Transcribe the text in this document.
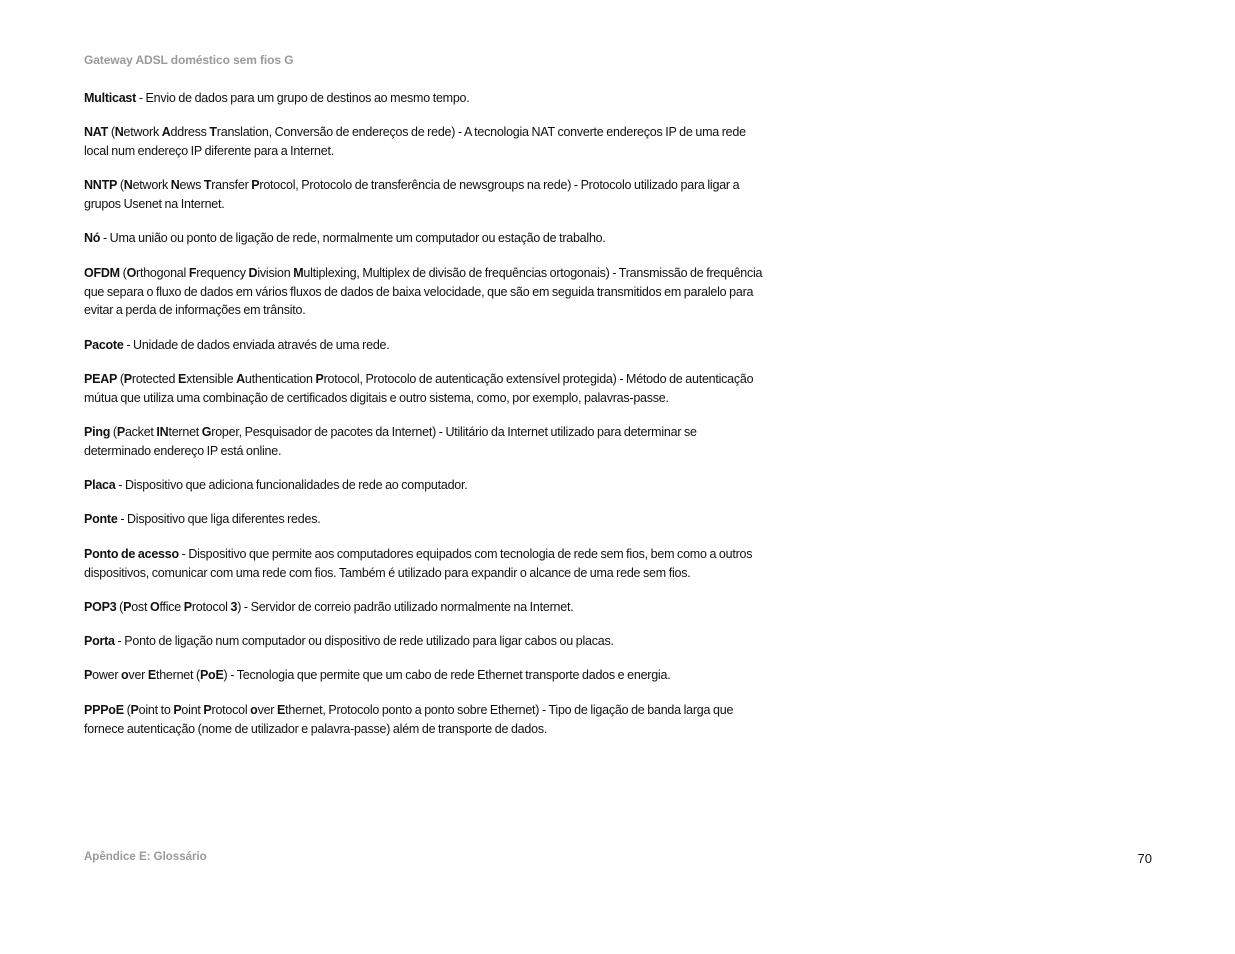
Gateway ADSL doméstico sem fios G

Multicast - Envio de dados para um grupo de destinos ao mesmo tempo.

NAT (Network Address Translation, Conversão de endereços de rede) - A tecnologia NAT converte endereços IP de uma rede local num endereço IP diferente para a Internet.

NNTP (Network News Transfer Protocol, Protocolo de transferência de newsgroups na rede) - Protocolo utilizado para ligar a grupos Usenet na Internet.

Nó - Uma união ou ponto de ligação de rede, normalmente um computador ou estação de trabalho.

OFDM (Orthogonal Frequency Division Multiplexing, Multiplex de divisão de frequências ortogonais) - Transmissão de frequência que separa o fluxo de dados em vários fluxos de dados de baixa velocidade, que são em seguida transmitidos em paralelo para evitar a perda de informações em trânsito.

Pacote - Unidade de dados enviada através de uma rede.

PEAP (Protected Extensible Authentication Protocol, Protocolo de autenticação extensível protegida) - Método de autenticação mútua que utiliza uma combinação de certificados digitais e outro sistema, como, por exemplo, palavras-passe.

Ping (Packet INternet Groper, Pesquisador de pacotes da Internet) - Utilitário da Internet utilizado para determinar se determinado endereço IP está online.

Placa - Dispositivo que adiciona funcionalidades de rede ao computador.

Ponte - Dispositivo que liga diferentes redes.

Ponto de acesso - Dispositivo que permite aos computadores equipados com tecnologia de rede sem fios, bem como a outros dispositivos, comunicar com uma rede com fios. Também é utilizado para expandir o alcance de uma rede sem fios.

POP3 (Post Office Protocol 3) - Servidor de correio padrão utilizado normalmente na Internet.

Porta - Ponto de ligação num computador ou dispositivo de rede utilizado para ligar cabos ou placas.

Power over Ethernet (PoE) - Tecnologia que permite que um cabo de rede Ethernet transporte dados e energia.

PPPoE (Point to Point Protocol over Ethernet, Protocolo ponto a ponto sobre Ethernet) - Tipo de ligação de banda larga que fornece autenticação (nome de utilizador e palavra-passe) além de transporte de dados.

Apêndice E: Glossário	70
